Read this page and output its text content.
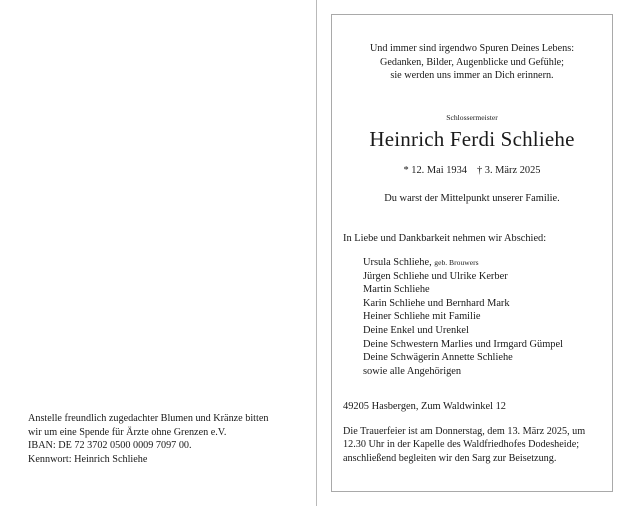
Anstelle freundlich zugedachter Blumen und Kränze bitten
wir um eine Spende für Ärzte ohne Grenzen e.V.
IBAN: DE 72 3702 0500 0009 7097 00.
Kennwort: Heinrich Schliehe
Und immer sind irgendwo Spuren Deines Lebens:
Gedanken, Bilder, Augenblicke und Gefühle;
sie werden uns immer an Dich erinnern.
Schlossermeister
Heinrich Ferdi Schliehe
* 12. Mai 1934 † 3. März 2025
Du warst der Mittelpunkt unserer Familie.
In Liebe und Dankbarkeit nehmen wir Abschied:
Ursula Schliehe, geb. Brouwers
Jürgen Schliehe und Ulrike Kerber
Martin Schliehe
Karin Schliehe und Bernhard Mark
Heiner Schliehe mit Familie
Deine Enkel und Urenkel
Deine Schwestern Marlies und Irmgard Gümpel
Deine Schwägerin Annette Schliehe
sowie alle Angehörigen
49205 Hasbergen, Zum Waldwinkel 12
Die Trauerfeier ist am Donnerstag, dem 13. März 2025, um
12.30 Uhr in der Kapelle des Waldfriedhofes Dodesheide;
anschließend begleiten wir den Sarg zur Beisetzung.
